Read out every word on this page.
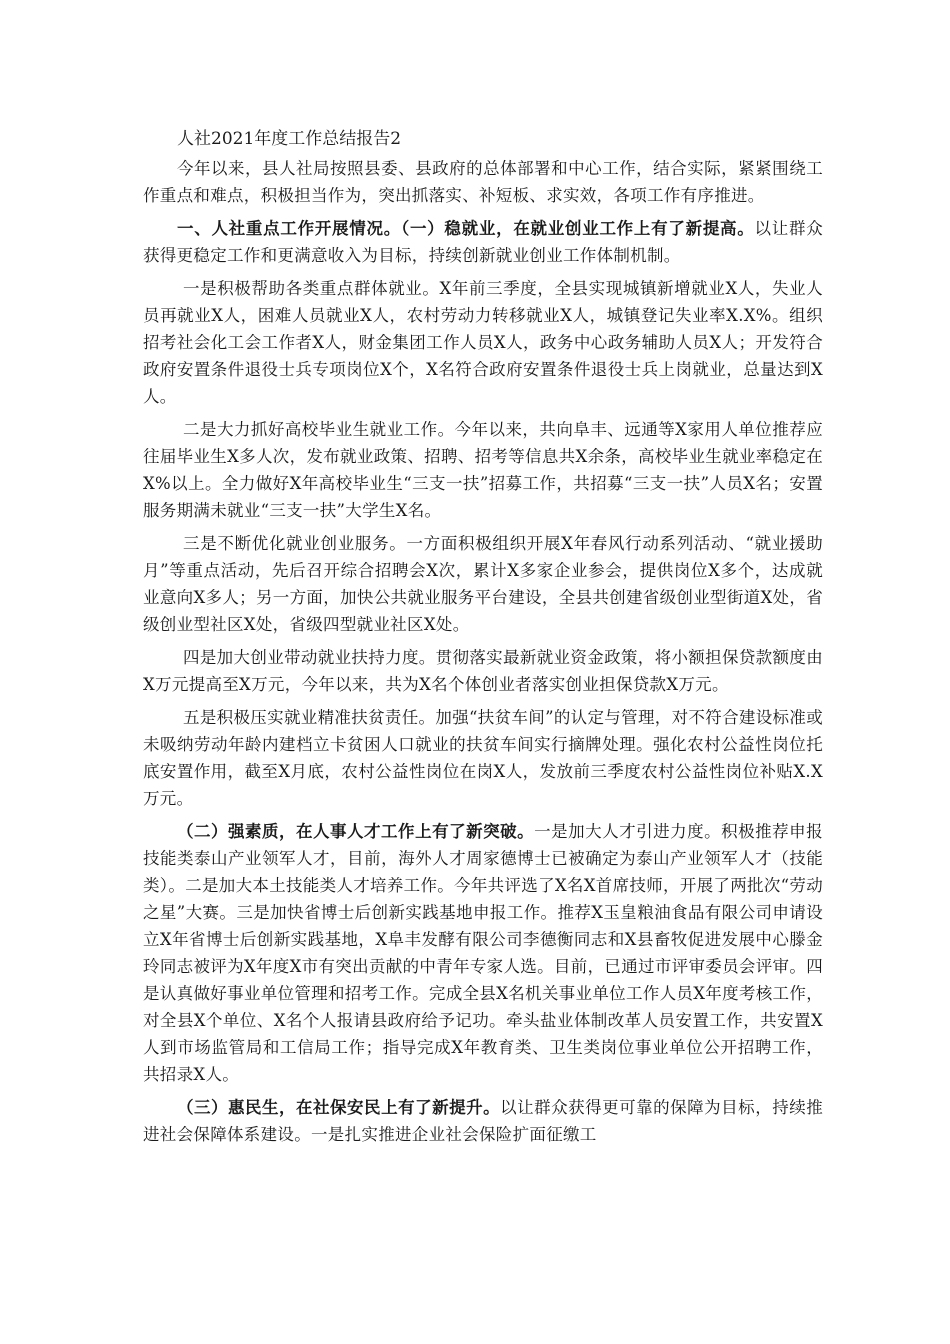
人社2021年度工作总结报告2

今年以来，县人社局按照县委、县政府的总体部署和中心工作，结合实际，紧紧围绕工作重点和难点，积极担当作为，突出抓落实、补短板、求实效，各项工作有序推进。

一、人社重点工作开展情况。（一）稳就业，在就业创业工作上有了新提高。以让群众获得更稳定工作和更满意收入为目标，持续创新就业创业工作体制机制。

一是积极帮助各类重点群体就业。X年前三季度，全县实现城镇新增就业X人，失业人员再就业X人，困难人员就业X人，农村劳动力转移就业X人，城镇登记失业率X.X%。组织招考社会化工会工作者X人，财金集团工作人员X人，政务中心政务辅助人员X人；开发符合政府安置条件退役士兵专项岗位X个，X名符合政府安置条件退役士兵上岗就业，总量达到X人。

二是大力抓好高校毕业生就业工作。今年以来，共向阜丰、远通等X家用人单位推荐应往届毕业生X多人次，发布就业政策、招聘、招考等信息共X余条，高校毕业生就业率稳定在X%以上。全力做好X年高校毕业生“三支一扶”招募工作，共招募“三支一扶”人员X名；安置服务期满未就业“三支一扶”大学生X名。

三是不断优化就业创业服务。一方面积极组织开展X年春风行动系列活动、“就业援助月”等重点活动，先后召开综合招聘会X次，累计X多家企业参会，提供岗位X多个，达成就业意向X多人；另一方面，加快公共就业服务平台建设，全县共创建省级创业型街道X处，省级创业型社区X处，省级四型就业社区X处。

四是加大创业带动就业扶持力度。贯彻落实最新就业资金政策，将小额担保贷款额度由X万元提高至X万元，今年以来，共为X名个体创业者落实创业担保贷款X万元。

五是积极压实就业精准扶贫责任。加强“扶贫车间”的认定与管理，对不符合建设标准或未吸纳劳动年龄内建档立卡贫困人口就业的扶贫车间实行摘牌处理。强化农村公益性岗位托底安置作用，截至X月底，农村公益性岗位在岗X人，发放前三季度农村公益性岗位补贴X.X万元。

（二）强素质，在人事人才工作上有了新突破。一是加大人才引进力度。积极推荐申报技能类泰山产业领军人才，目前，海外人才周家德博士已被确定为泰山产业领军人才（技能类）。二是加大本土技能类人才培养工作。今年共评选了X名X首席技师，开展了两批次“劳动之星”大赛。三是加快省博士后创新实践基地申报工作。推荐X玉皇粮油食品有限公司申请设立X年省博士后创新实践基地，X阜丰发酵有限公司李德衡同志和X县畜牧促进发展中心滕金玲同志被评为X年度X市有突出贡献的中青年专家人选。目前，已通过市评审委员会评审。四是认真做好事业单位管理和招考工作。完成全县X名机关事业单位工作人员X年度考核工作，对全县X个单位、X名个人报请县政府给予记功。牵头盐业体制改革人员安置工作，共安置X人到市场监管局和工信局工作；指导完成X年教育类、卫生类岗位事业单位公开招聘工作，共招录X人。

（三）惠民生，在社保安民上有了新提升。以让群众获得更可靠的保障为目标，持续推进社会保障体系建设。一是扎实推进企业社会保险扩面征缴工
